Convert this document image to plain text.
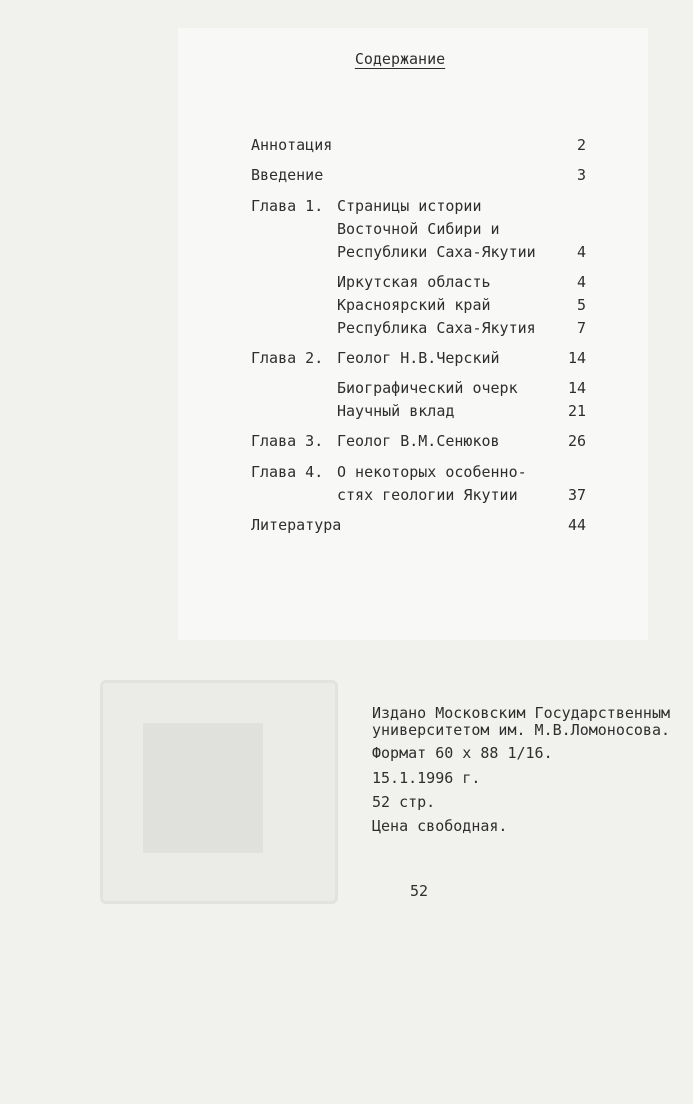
Содержание
Аннотация	2
Введение	3
Глава 1. Страницы истории
Восточной Сибири и
Республики Саха-Якутии	4
Иркутская область	4
Красноярский край	5
Республика Саха-Якутия	7
Глава 2. Геолог Н.В.Черский	14
Биографический очерк	14
Научный вклад	21
Глава 3. Геолог В.М.Сенюков	26
Глава 4. О некоторых особенно-
стях геологии Якутии	37
Литература	44
Издано Московским Государственным
университетом им. М.В.Ломоносова.
Формат 60 x 88 1/16.
15.1.1996 г.
52 стр.
Цена свободная.
52
